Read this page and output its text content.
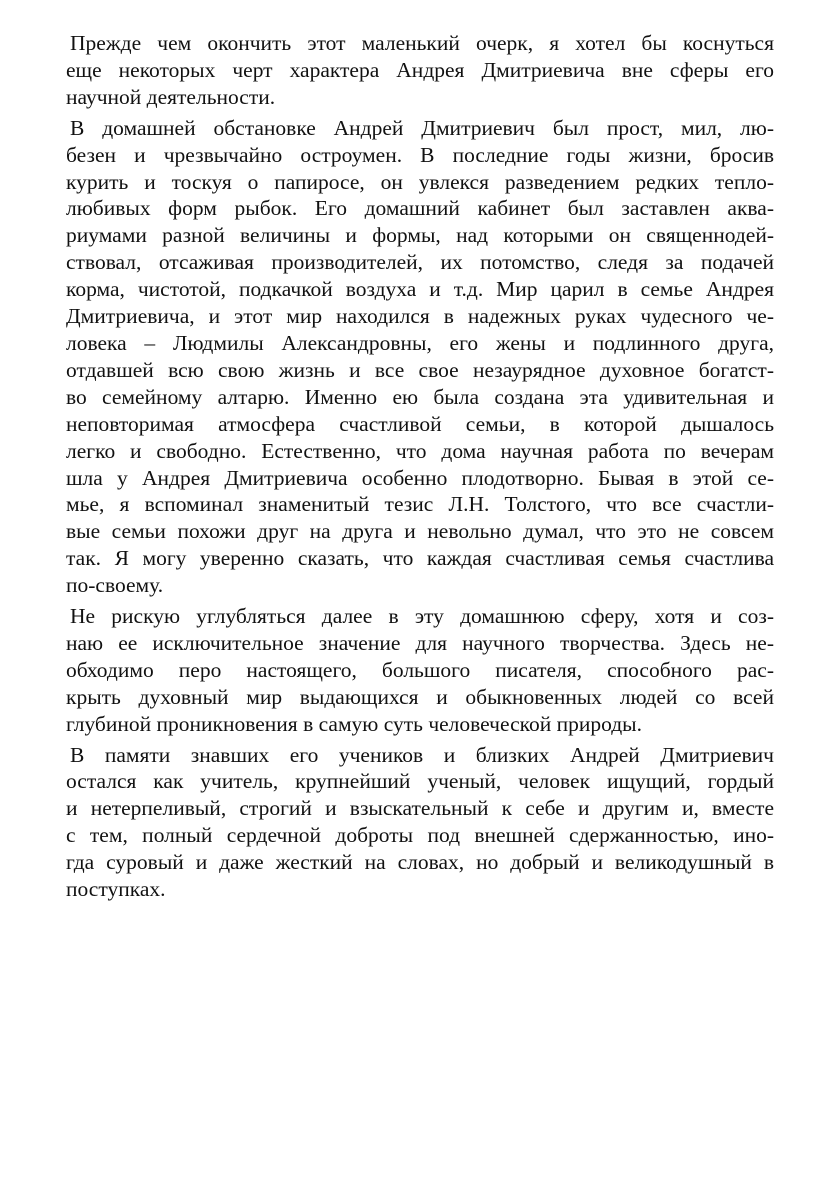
Прежде чем окончить этот маленький очерк, я хотел бы коснуться
еще некоторых черт характера Андрея Дмитриевича вне сферы его
научной деятельности.
В домашней обстановке Андрей Дмитриевич был прост, мил, лю-
безен и чрезвычайно остроумен. В последние годы жизни, бросив
курить и тоскуя о папиросе, он увлекся разведением редких тепло-
любивых форм рыбок. Его домашний кабинет был заставлен аква-
риумами разной величины и формы, над которыми он священнодей-
ствовал, отсаживая производителей, их потомство, следя за подачей
корма, чистотой, подкачкой воздуха и т.д. Мир царил в семье Андрея
Дмитриевича, и этот мир находился в надежных руках чудесного че-
ловека – Людмилы Александровны, его жены и подлинного друга,
отдавшей всю свою жизнь и все свое незаурядное духовное богатст-
во семейному алтарю. Именно ею была создана эта удивительная и
неповторимая атмосфера счастливой семьи, в которой дышалось
легко и свободно. Естественно, что дома научная работа по вечерам
шла у Андрея Дмитриевича особенно плодотворно. Бывая в этой се-
мье, я вспоминал знаменитый тезис Л.Н. Толстого, что все счастли-
вые семьи похожи друг на друга и невольно думал, что это не совсем
так. Я могу уверенно сказать, что каждая счастливая семья счастлива
по-своему.
Не рискую углубляться далее в эту домашнюю сферу, хотя и соз-
наю ее исключительное значение для научного творчества. Здесь не-
обходимо перо настоящего, большого писателя, способного рас-
крыть духовный мир выдающихся и обыкновенных людей со всей
глубиной проникновения в самую суть человеческой природы.
В памяти знавших его учеников и близких Андрей Дмитриевич
остался как учитель, крупнейший ученый, человек ищущий, гордый
и нетерпеливый, строгий и взыскательный к себе и другим и, вместе
с тем, полный сердечной доброты под внешней сдержанностью, ино-
гда суровый и даже жесткий на словах, но добрый и великодушный в
поступках.
